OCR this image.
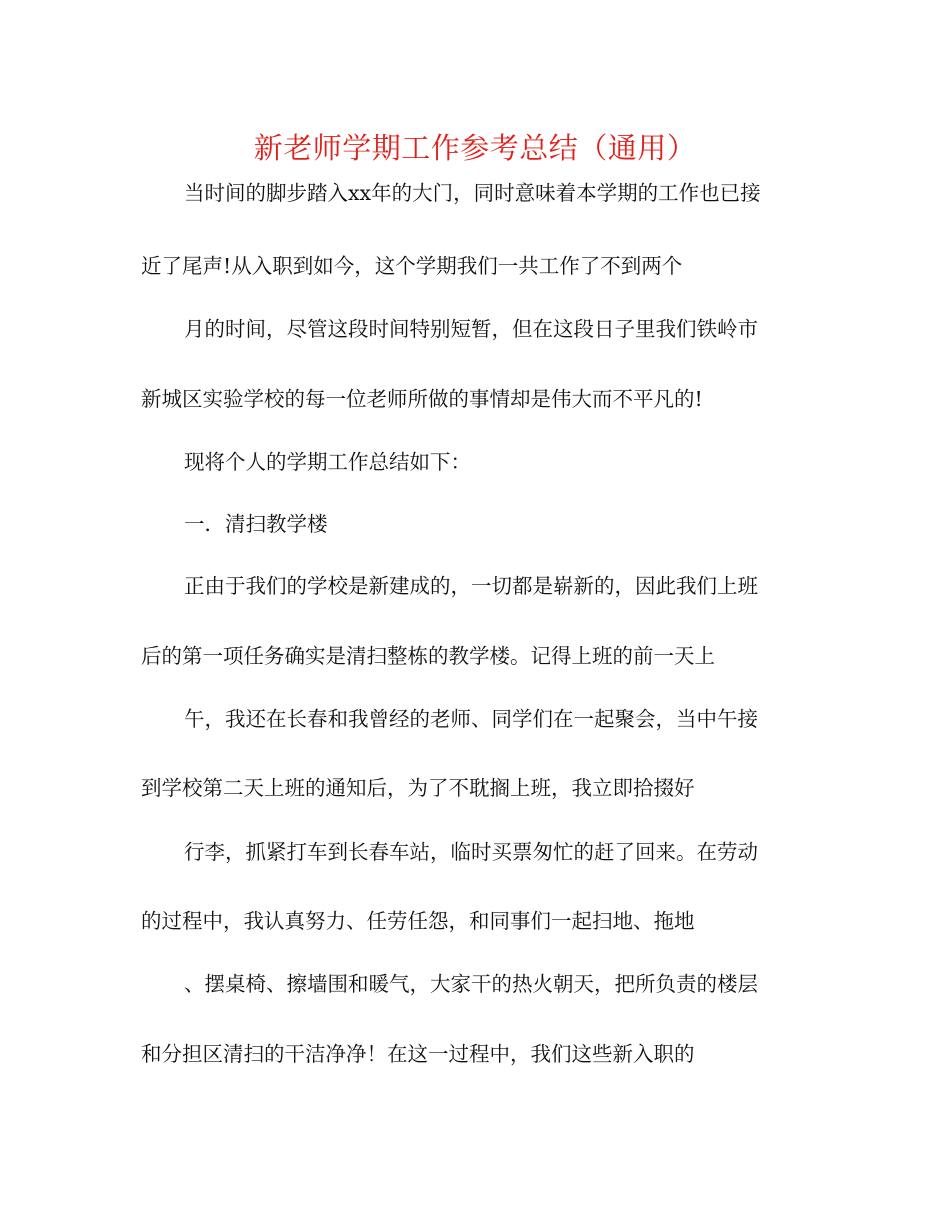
新老师学期工作参考总结（通用）
当时间的脚步踏入xx年的大门，同时意味着本学期的工作也已接
近了尾声!从入职到如今，这个学期我们一共工作了不到两个
月的时间，尽管这段时间特别短暂，但在这段日子里我们铁岭市
新城区实验学校的每一位老师所做的事情却是伟大而不平凡的!
现将个人的学期工作总结如下：
一．清扫教学楼
正由于我们的学校是新建成的，一切都是崭新的，因此我们上班
后的第一项任务确实是清扫整栋的教学楼。记得上班的前一天上
午，我还在长春和我曾经的老师、同学们在一起聚会，当中午接
到学校第二天上班的通知后，为了不耽搁上班，我立即拾掇好
行李，抓紧打车到长春车站，临时买票匆忙的赶了回来。在劳动
的过程中，我认真努力、任劳任怨，和同事们一起扫地、拖地
、摆桌椅、擦墙围和暖气，大家干的热火朝天，把所负责的楼层
和分担区清扫的干洁净净！在这一过程中，我们这些新入职的
